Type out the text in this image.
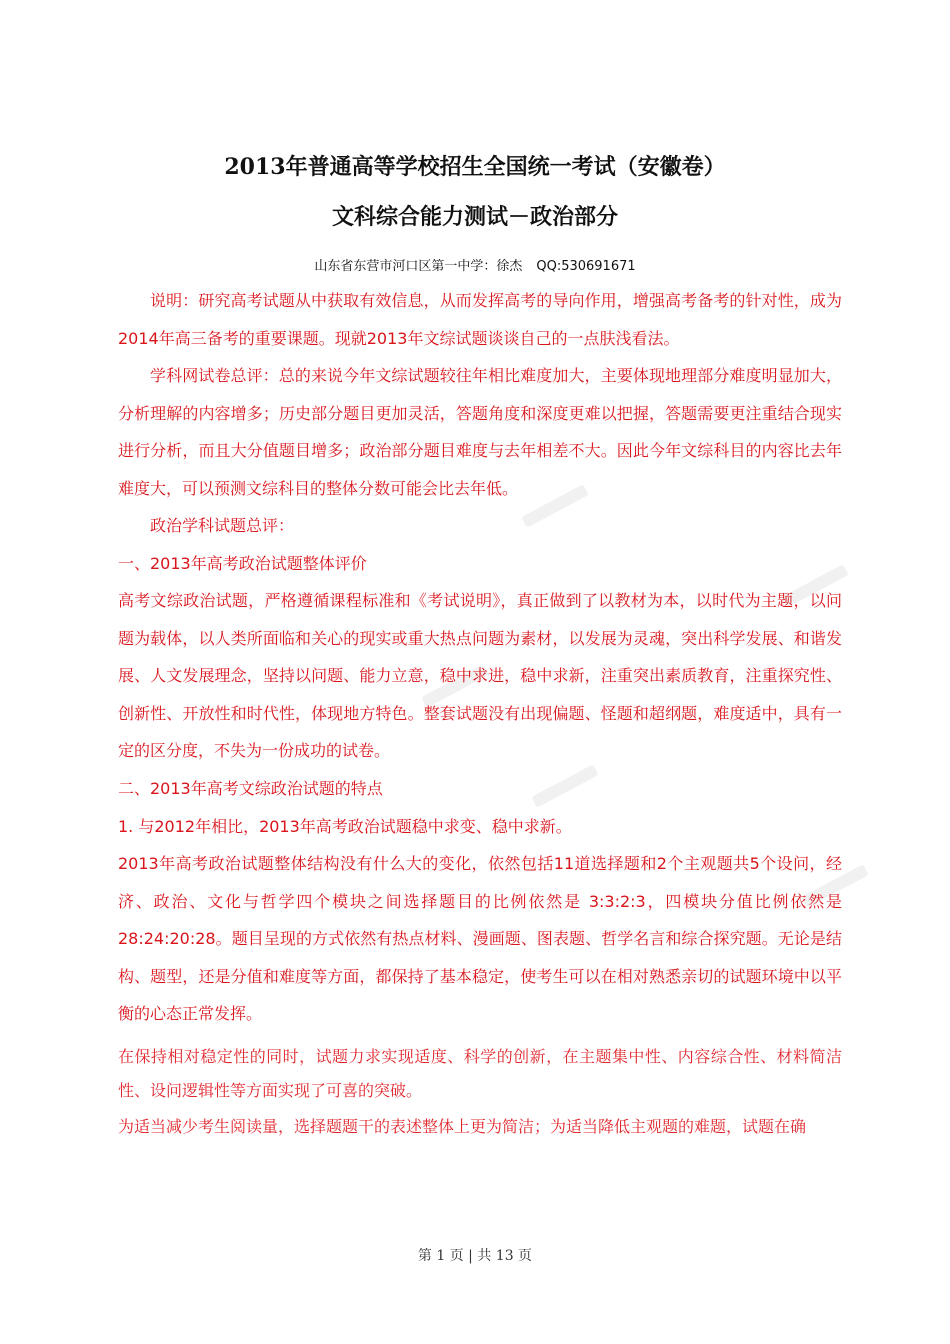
2013年普通高等学校招生全国统一考试（安徽卷）
文科综合能力测试－政治部分
山东省东营市河口区第一中学：徐杰 QQ:530691671

说明：研究高考试题从中获取有效信息，从而发挥高考的导向作用，增强高考备考的针对性，成为2014年高三备考的重要课题。现就2013年文综试题谈谈自己的一点肤浅看法。

学科网试卷总评：总的来说今年文综试题较往年相比难度加大，主要体现地理部分难度明显加大，分析理解的内容增多；历史部分题目更加灵活，答题角度和深度更难以把握，答题需要更注重结合现实进行分析，而且大分值题目增多；政治部分题目难度与去年相差不大。因此今年文综科目的内容比去年难度大，可以预测文综科目的整体分数可能会比去年低。

政治学科试题总评：

一、2013年高考政治试题整体评价

高考文综政治试题，严格遵循课程标准和《考试说明》，真正做到了以教材为本，以时代为主题，以问题为载体，以人类所面临和关心的现实或重大热点问题为素材，以发展为灵魂，突出科学发展、和谐发展、人文发展理念，坚持以问题、能力立意，稳中求进，稳中求新，注重突出素质教育，注重探究性、创新性、开放性和时代性，体现地方特色。整套试题没有出现偏题、怪题和超纲题，难度适中，具有一定的区分度，不失为一份成功的试卷。

二、2013年高考文综政治试题的特点

1. 与2012年相比，2013年高考政治试题稳中求变、稳中求新。

2013年高考政治试题整体结构没有什么大的变化，依然包括11道选择题和2个主观题共5个设问，经济、政治、文化与哲学四个模块之间选择题目的比例依然是 3:3:2:3，四模块分值比例依然是28:24:20:28。题目呈现的方式依然有热点材料、漫画题、图表题、哲学名言和综合探究题。无论是结构、题型，还是分值和难度等方面，都保持了基本稳定，使考生可以在相对熟悉亲切的试题环境中以平衡的心态正常发挥。

在保持相对稳定性的同时，试题力求实现适度、科学的创新，在主题集中性、内容综合性、材料简洁性、设问逻辑性等方面实现了可喜的突破。

为适当减少考生阅读量，选择题题干的表述整体上更为简洁；为适当降低主观题的难题，试题在确

第 1 页 | 共 13 页
